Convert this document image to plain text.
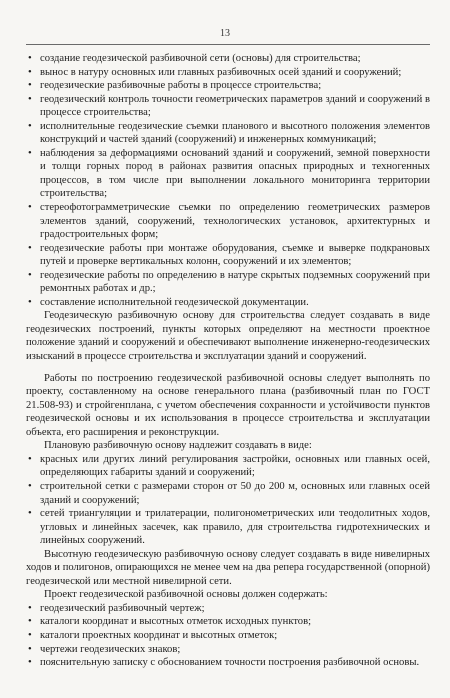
13
• создание геодезической разбивочной сети (основы) для строительства;
• вынос в натуру основных или главных разбивочных осей зданий и сооружений;
• геодезические разбивочные работы в процессе строительства;
• геодезический контроль точности геометрических параметров зданий и сооружений в процессе строительства;
• исполнительные геодезические съемки планового и высотного положения элементов конструкций и частей зданий (сооружений) и инженерных коммуникаций;
• наблюдения за деформациями оснований зданий и сооружений, земной поверхности и толщи горных пород в районах развития опасных природных и техногенных процессов, в том числе при выполнении локального мониторинга территории строительства;
• стереофотограмметрические съемки по определению геометрических размеров элементов зданий, сооружений, технологических установок, архитектурных и градостроительных форм;
• геодезические работы при монтаже оборудования, съемке и выверке подкрановых путей и проверке вертикальных колонн, сооружений и их элементов;
• геодезические работы по определению в натуре скрытых подземных сооружений при ремонтных работах и др.;
• составление исполнительной геодезической документации.

Геодезическую разбивочную основу для строительства следует создавать в виде геодезических построений, пункты которых определяют на местности проектное положение зданий и сооружений и обеспечивают выполнение инженерно-геодезических изысканий в процессе строительства и эксплуатации зданий и сооружений.

Работы по построению геодезической разбивочной основы следует выполнять по проекту, составленному на основе генерального плана (разбивочный план по ГОСТ 21.508-93) и стройгенплана, с учетом обеспечения сохранности и устойчивости пунктов геодезической основы и их использования в процессе строительства и эксплуатации объекта, его расширения и реконструкции.

Плановую разбивочную основу надлежит создавать в виде:

• красных или других линий регулирования застройки, основных или главных осей, определяющих габариты зданий и сооружений;
• строительной сетки с размерами сторон от 50 до 200 м, основных или главных осей зданий и сооружений;
• сетей триангуляции и трилатерации, полигонометрических или теодолитных ходов, угловых и линейных засечек, как правило, для строительства гидротехнических и линейных сооружений.

Высотную геодезическую разбивочную основу следует создавать в виде нивелирных ходов и полигонов, опирающихся не менее чем на два репера государственной (опорной) геодезической или местной нивелирной сети.

Проект геодезической разбивочной основы должен содержать:

• геодезический разбивочный чертеж;
• каталоги координат и высотных отметок исходных пунктов;
• каталоги проектных координат и высотных отметок;
• чертежи геодезических знаков;
• пояснительную записку с обоснованием точности построения разбивочной основы.
